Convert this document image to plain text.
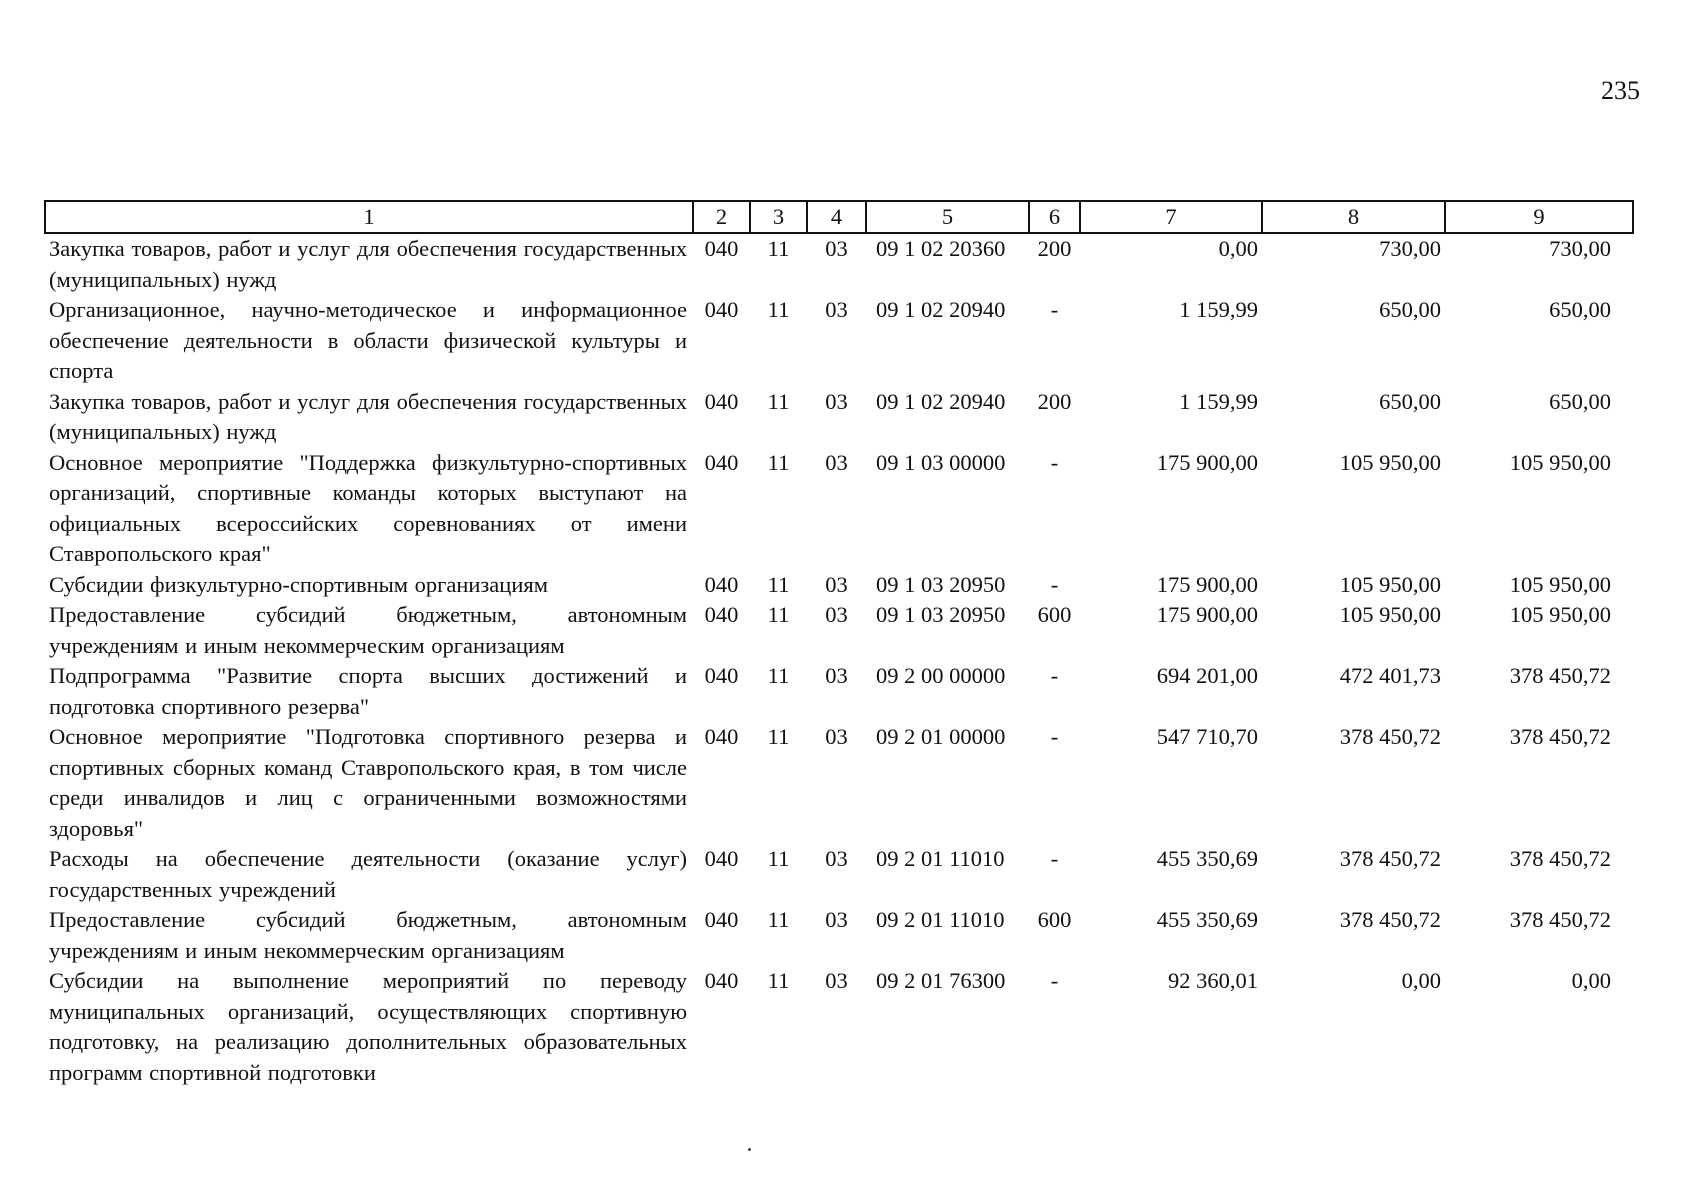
235
1	2	3	4	5	6	7	8	9
Закупка товаров, работ и услуг для обеспечения государственных (муниципальных) нужд	040	11	03	09 1 02 20360	200	0,00	730,00	730,00
Организационное, научно-методическое и информационное обеспечение деятельности в области физической культуры и спорта	040	11	03	09 1 02 20940	-	1 159,99	650,00	650,00
Закупка товаров, работ и услуг для обеспечения государственных (муниципальных) нужд	040	11	03	09 1 02 20940	200	1 159,99	650,00	650,00
Основное мероприятие "Поддержка физкультурно-спортивных организаций, спортивные команды которых выступают на официальных всероссийских соревнованиях от имени Ставропольского края"	040	11	03	09 1 03 00000	-	175 900,00	105 950,00	105 950,00
Субсидии физкультурно-спортивным организациям	040	11	03	09 1 03 20950	-	175 900,00	105 950,00	105 950,00
Предоставление субсидий бюджетным, автономным учреждениям и иным некоммерческим организациям	040	11	03	09 1 03 20950	600	175 900,00	105 950,00	105 950,00
Подпрограмма "Развитие спорта высших достижений и подготовка спортивного резерва"	040	11	03	09 2 00 00000	-	694 201,00	472 401,73	378 450,72
Основное мероприятие "Подготовка спортивного резерва и спортивных сборных команд Ставропольского края, в том числе среди инвалидов и лиц с ограниченными возможностями здоровья"	040	11	03	09 2 01 00000	-	547 710,70	378 450,72	378 450,72
Расходы на обеспечение деятельности (оказание услуг) государственных учреждений	040	11	03	09 2 01 11010	-	455 350,69	378 450,72	378 450,72
Предоставление субсидий бюджетным, автономным учреждениям и иным некоммерческим организациям	040	11	03	09 2 01 11010	600	455 350,69	378 450,72	378 450,72
Субсидии на выполнение мероприятий по переводу муниципальных организаций, осуществляющих спортивную подготовку, на реализацию дополнительных образовательных программ спортивной подготовки	040	11	03	09 2 01 76300	-	92 360,01	0,00	0,00
